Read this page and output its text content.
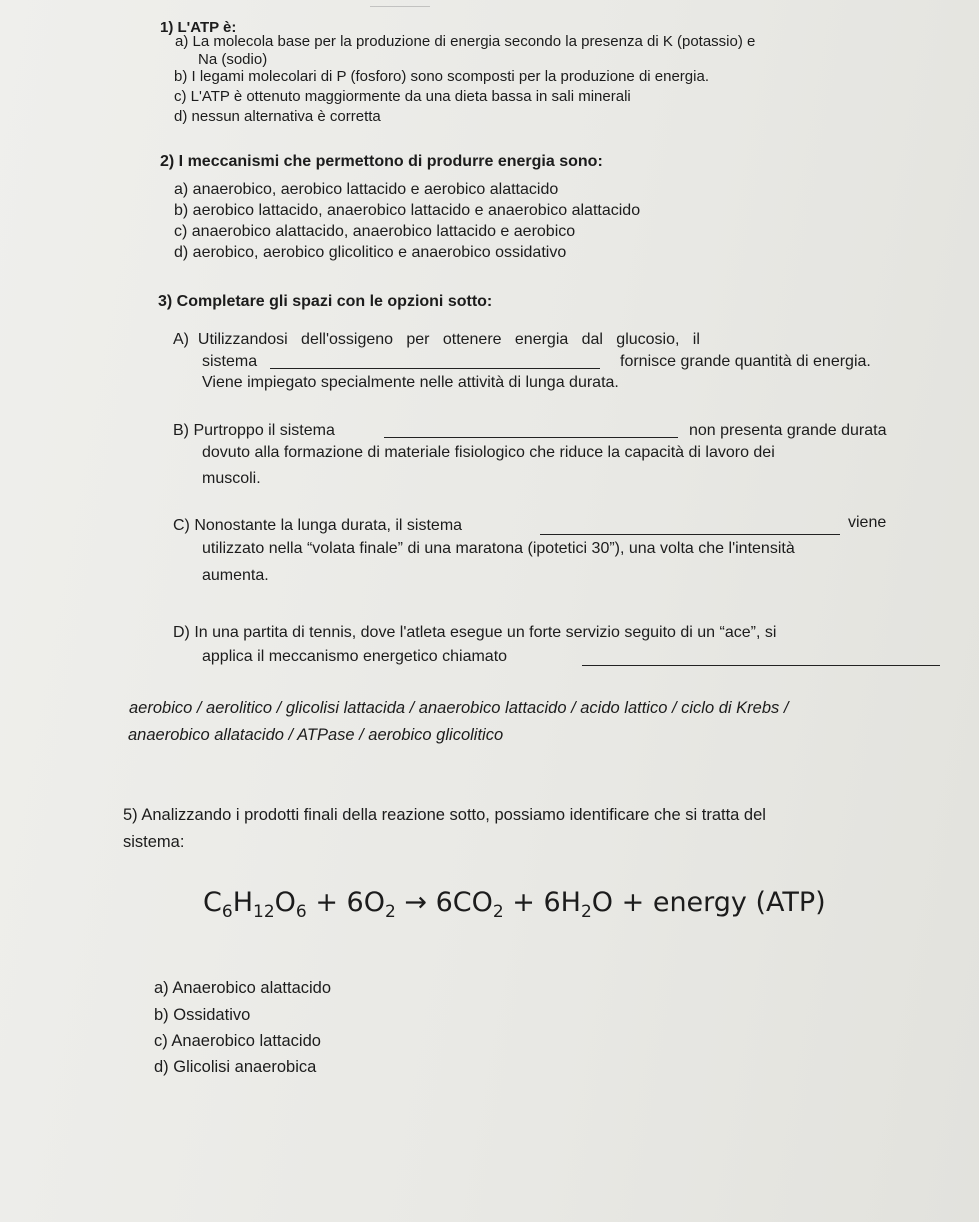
1) L'ATP è:
a) La molecola base per la produzione di energia secondo la presenza di K (potassio) e
Na (sodio)
b) I legami molecolari di P (fosforo) sono scomposti per la produzione di energia.
c) L'ATP è ottenuto maggiormente da una dieta bassa in sali minerali
d) nessun alternativa è corretta
2) I meccanismi che permettono di produrre energia sono:
a) anaerobico, aerobico lattacido e aerobico alattacido
b) aerobico lattacido, anaerobico lattacido e anaerobico alattacido
c) anaerobico alattacido, anaerobico lattacido e aerobico
d) aerobico, aerobico glicolitico e anaerobico ossidativo
3) Completare gli spazi con le opzioni sotto:
A)  Utilizzandosi   dell'ossigeno   per   ottenere   energia   dal   glucosio,   il
sistema	fornisce grande quantità di energia.
Viene impiegato specialmente nelle attività di lunga durata.
B) Purtroppo il sistema	non presenta grande durata
dovuto alla formazione di materiale fisiologico che riduce la capacità di lavoro dei
muscoli.
C) Nonostante la lunga durata, il sistema	viene
utilizzato nella “volata finale” di una maratona (ipotetici 30”), una volta che l'intensità
aumenta.
D) In una partita di tennis, dove l'atleta esegue un forte servizio seguito di un “ace”, si
applica il meccanismo energetico chiamato
aerobico / aerolitico / glicolisi lattacida / anaerobico lattacido / acido lattico / ciclo di Krebs /
anaerobico allatacido / ATPase / aerobico glicolitico
5) Analizzando i prodotti finali della reazione sotto, possiamo identificare che si tratta del
sistema:
$C_6H_{12}O_6 + 6O_2 \to 6CO_2 + 6H_2O$ + energy (ATP)
a) Anaerobico alattacido
b) Ossidativo
c) Anaerobico lattacido
d) Glicolisi anaerobica
